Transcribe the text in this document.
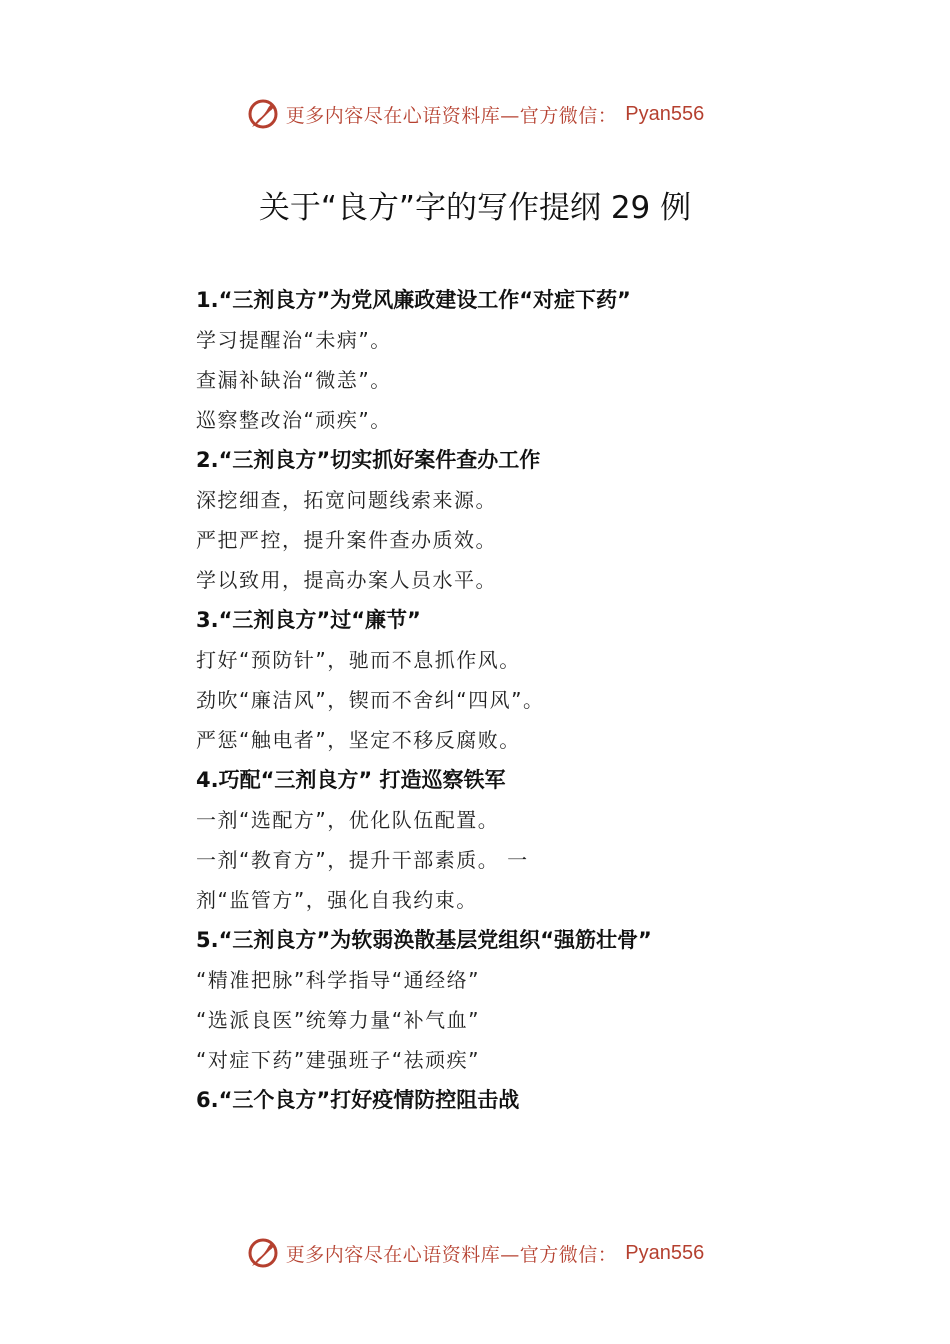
更多内容尽在心语资料库—官方微信： Pyan556
关于“良方”字的写作提纲 29 例
1.“三剂良方”为党风廉政建设工作“对症下药”
学习提醒治“未病”。
查漏补缺治“微恙”。
巡察整改治“顽疾”。
2.“三剂良方”切实抓好案件查办工作
深挖细查，拓宽问题线索来源。
严把严控，提升案件查办质效。
学以致用，提高办案人员水平。
3.“三剂良方”过“廉节”
打好“预防针”，驰而不息抓作风。
劲吹“廉洁风”，锲而不舍纠“四风”。
严惩“触电者”，坚定不移反腐败。
4.巧配“三剂良方” 打造巡察铁军
一剂“选配方”，优化队伍配置。
一剂“教育方”，提升干部素质。 一
剂“监管方”，强化自我约束。
5.“三剂良方”为软弱涣散基层党组织“强筋壮骨”
“精准把脉”科学指导“通经络”
“选派良医”统筹力量“补气血”
“对症下药”建强班子“祛顽疾”
6.“三个良方”打好疫情防控阻击战
更多内容尽在心语资料库—官方微信： Pyan556
